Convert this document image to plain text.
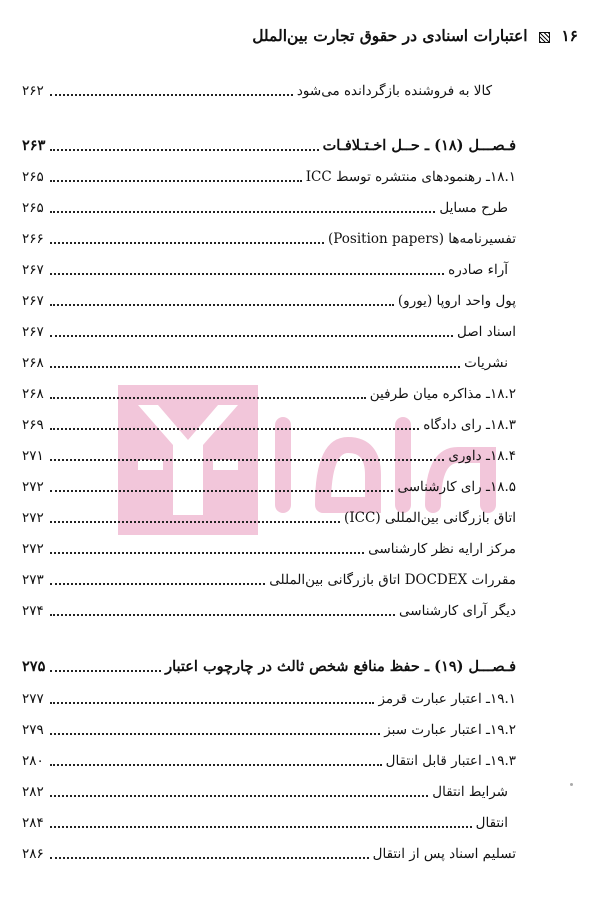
۱۶  اعتبارات اسنادی در حقوق تجارت بین‌الملل
کالا به فروشنده بازگردانده می‌شود
۲۶۲
فـصـــل (۱۸) ـ حــل اخـتـلافـات
۲۶۳
۱۸.۱ـ رهنمودهای منتشره توسط ICC
۲۶۵
طرح مسایل
۲۶۵
تفسیرنامه‌ها (Position papers)
۲۶۶
آراء صادره
۲۶۷
پول واحد اروپا (یورو)
۲۶۷
اسناد اصل
۲۶۷
نشریات
۲۶۸
۱۸.۲ـ مذاکره میان طرفین
۲۶۸
۱۸.۳ـ رای دادگاه
۲۶۹
۱۸.۴ـ داوری
۲۷۱
۱۸.۵ـ رای کارشناسی
۲۷۲
اتاق بازرگانی بین‌المللی (ICC)
۲۷۲
مرکز ارایه نظر کارشناسی
۲۷۲
مقررات DOCDEX اتاق بازرگانی بین‌المللی
۲۷۳
دیگر آرای کارشناسی
۲۷۴
فـصـــل (۱۹) ـ حفظ منافع شخص ثالث در چارچوب اعتبار
۲۷۵
۱۹.۱ـ اعتبار عبارت قرمز
۲۷۷
۱۹.۲ـ اعتبار عبارت سبز
۲۷۹
۱۹.۳ـ اعتبار قابل انتقال
۲۸۰
شرایط انتقال
۲۸۲
انتقال
۲۸۴
تسلیم اسناد پس از انتقال
۲۸۶
